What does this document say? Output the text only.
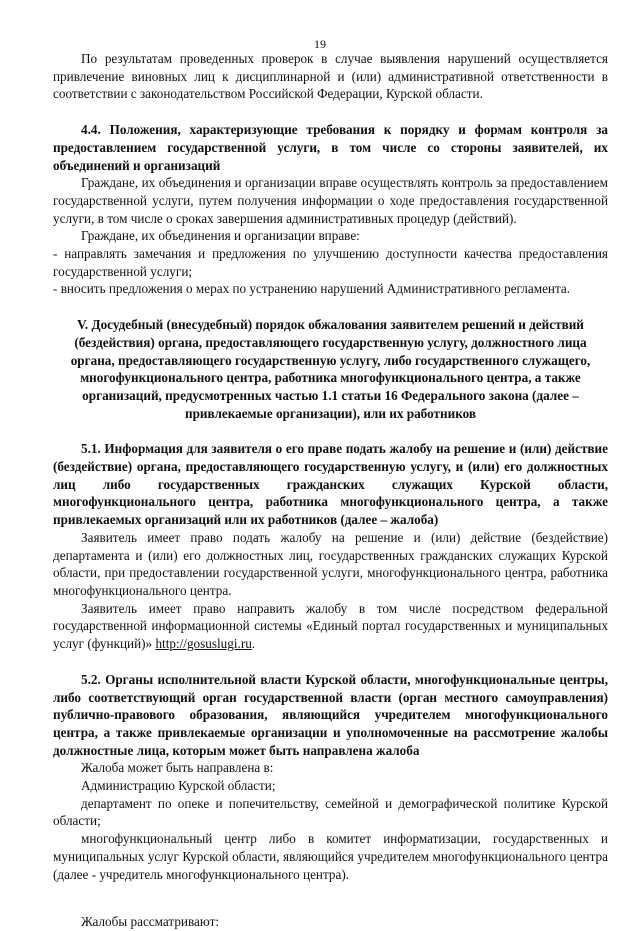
19

По результатам проведенных проверок в случае выявления нарушений осуществляется привлечение виновных лиц к дисциплинарной и (или) административной ответственности в соответствии с законодательством Российской Федерации, Курской области.

4.4. Положения, характеризующие требования к порядку и формам контроля за предоставлением государственной услуги, в том числе со стороны заявителей, их объединений и организаций

Граждане, их объединения и организации вправе осуществлять контроль за предоставлением государственной услуги, путем получения информации о ходе предоставления государственной услуги, в том числе о сроках завершения административных процедур (действий).

Граждане, их объединения и организации вправе:

- направлять замечания и предложения по улучшению доступности качества предоставления государственной услуги;

- вносить предложения о мерах по устранению нарушений Административного регламента.

V. Досудебный (внесудебный) порядок обжалования заявителем решений и действий (бездействия) органа, предоставляющего государственную услугу, должностного лица органа, предоставляющего государственную услугу, либо государственного служащего, многофункционального центра, работника многофункционального центра, а также организаций, предусмотренных частью 1.1 статьи 16 Федерального закона (далее – привлекаемые организации), или их работников

5.1. Информация для заявителя о его праве подать жалобу на решение и (или) действие (бездействие) органа, предоставляющего государственную услугу, и (или) его должностных лиц либо государственных гражданских служащих Курской области, многофункционального центра, работника многофункционального центра, а также привлекаемых организаций или их работников (далее – жалоба)

Заявитель имеет право подать жалобу на решение и (или) действие (бездействие) департамента и (или) его должностных лиц, государственных гражданских служащих Курской области, при предоставлении государственной услуги, многофункционального центра, работника многофункционального центра.

Заявитель имеет право направить жалобу в том числе посредством федеральной государственной информационной системы «Единый портал государственных и муниципальных услуг (функций)» http://gosuslugi.ru.

5.2. Органы исполнительной власти Курской области, многофункциональные центры, либо соответствующий орган государственной власти (орган местного самоуправления) публично-правового образования, являющийся учредителем многофункционального центра, а также привлекаемые организации и уполномоченные на рассмотрение жалобы должностные лица, которым может быть направлена жалоба

Жалоба может быть направлена в:

Администрацию Курской области;

департамент по опеке и попечительству, семейной и демографической политике Курской области;

многофункциональный центр либо в комитет информатизации, государственных и муниципальных услуг Курской области, являющийся учредителем многофункционального центра (далее - учредитель многофункционального центра).

Жалобы рассматривают:
